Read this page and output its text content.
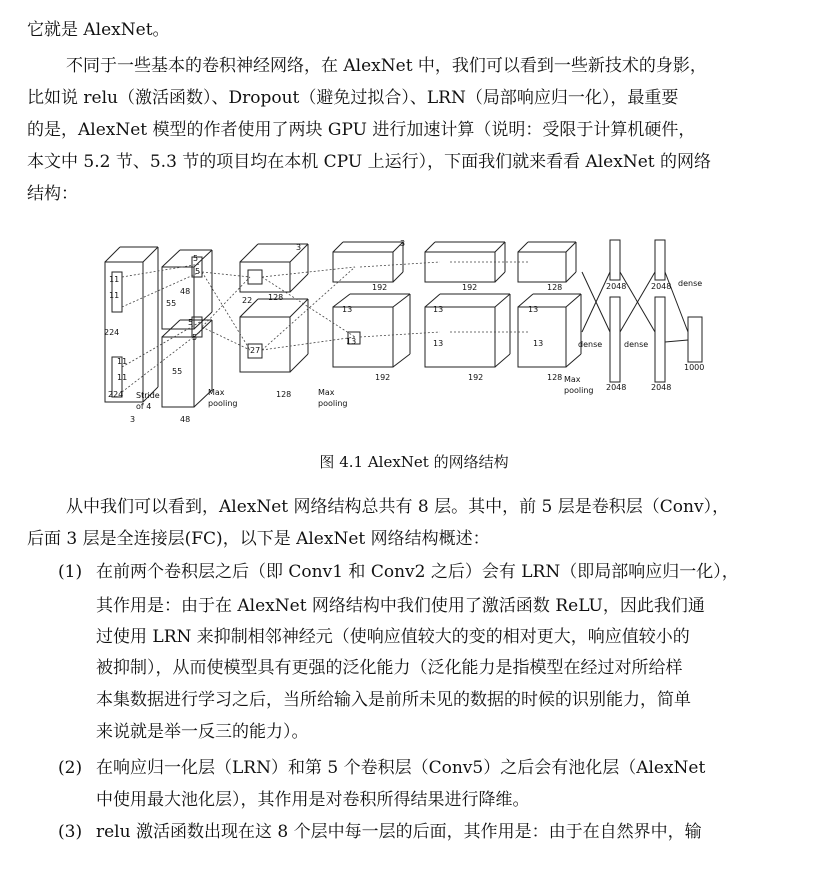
它就是 AlexNet。
不同于一些基本的卷积神经网络，在 AlexNet 中，我们可以看到一些新技术的身影，
比如说 relu（激活函数）、Dropout（避免过拟合）、LRN（局部响应归一化），最重要
的是，AlexNet 模型的作者使用了两块 GPU 进行加速计算（说明：受限于计算机硬件，
本文中 5.2 节、5.3 节的项目均在本机 CPU 上运行），下面我们就来看看 AlexNet 的网络
结构：
224
224
11
11
11
11
3
Stride
of 4
55
55
48
48
5
5
5
5
Max
pooling
27
22 128
128
3
Max
pooling
13
13
192
192
13
13
192
192
13
13
128
128 Max
pooling
2048	2048
2048	2048
dense	dense
dense
1000
3
图 4.1 AlexNet 的网络结构
从中我们可以看到，AlexNet 网络结构总共有 8 层。其中，前 5 层是卷积层（Conv），
后面 3 层是全连接层(FC)，以下是 AlexNet 网络结构概述：
(1) 在前两个卷积层之后（即 Conv1 和 Conv2 之后）会有 LRN（即局部响应归一化），
其作用是：由于在 AlexNet 网络结构中我们使用了激活函数 ReLU，因此我们通
过使用 LRN 来抑制相邻神经元（使响应值较大的变的相对更大，响应值较小的
被抑制），从而使模型具有更强的泛化能力（泛化能力是指模型在经过对所给样
本集数据进行学习之后，当所给输入是前所未见的数据的时候的识别能力，简单
来说就是举一反三的能力）。
(2) 在响应归一化层（LRN）和第 5 个卷积层（Conv5）之后会有池化层（AlexNet
中使用最大池化层），其作用是对卷积所得结果进行降维。
(3) relu 激活函数出现在这 8 个层中每一层的后面，其作用是：由于在自然界中，输
